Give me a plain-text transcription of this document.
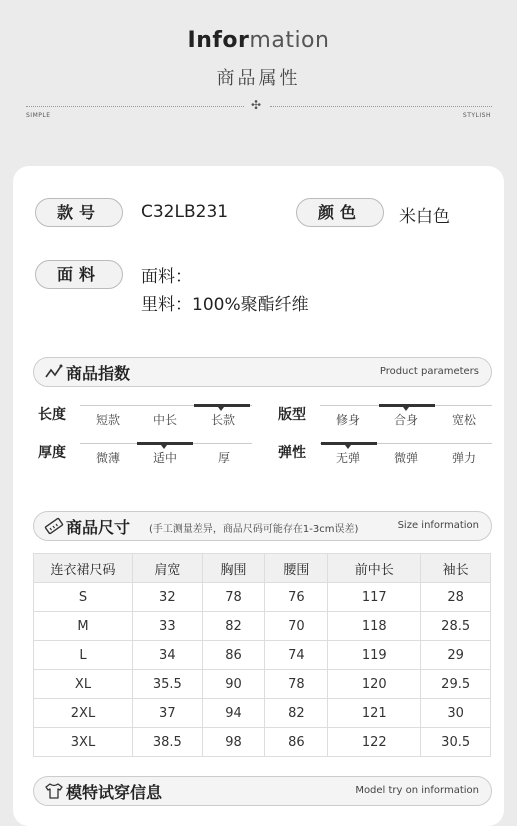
Information
商品属性
✣
SIMPLE	STYLISH
款号	C32LB231	颜色	米白色
面料	面料：
里料：100%聚酯纤维
商品指数	Product parameters
长度	短款	中长	长款	版型	修身	合身	宽松
厚度	微薄	适中	厚	弹性	无弹	微弹	弹力
商品尺寸 (手工测量差异，商品尺码可能存在1-3cm误差)	Size information
连衣裙尺码	肩宽	胸围	腰围	前中长	袖长
S	32	78	76	117	28
M	33	82	70	118	28.5
L	34	86	74	119	29
XL	35.5	90	78	120	29.5
2XL	37	94	82	121	30
3XL	38.5	98	86	122	30.5
模特试穿信息	Model try on information
